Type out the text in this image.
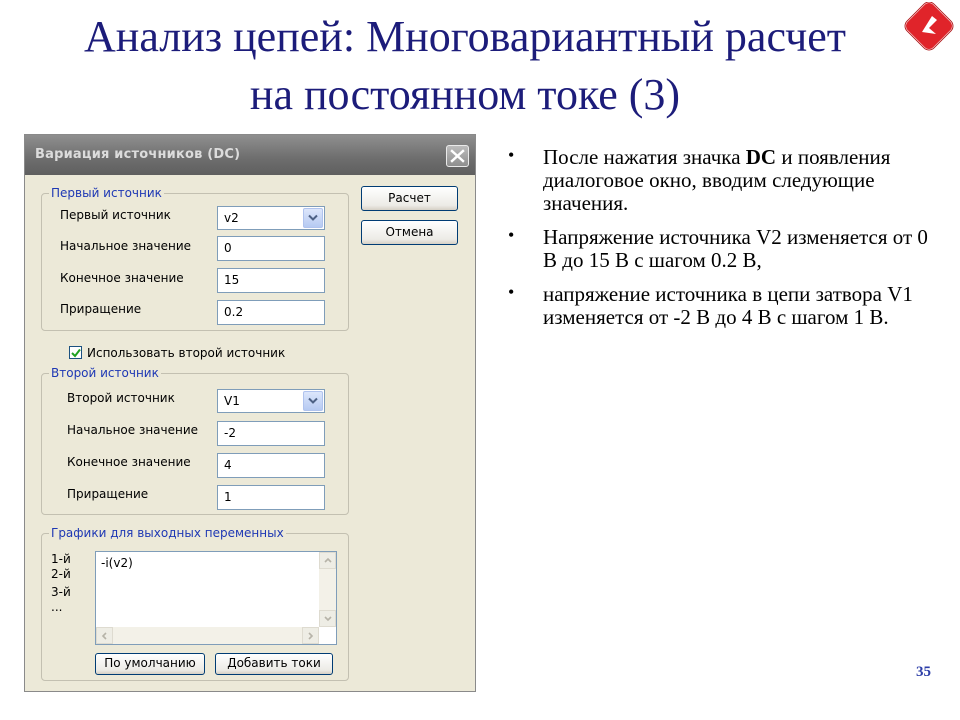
Анализ цепей: Многовариантный расчет
на постоянном токе (3)
Вариация источников (DC)
Первый источник
Первый источник	v2
Начальное значение	0
Конечное значение	15
Приращение	0.2
Расчет
Отмена
Использовать второй источник
Второй источник
Второй источник	V1
Начальное значение	-2
Конечное значение	4
Приращение	1
Графики для выходных переменных
1-й
2-й
3-й
...
-i(v2)
По умолчанию	Добавить токи
• После нажатия значка DC и появления диалоговое окно, вводим следующие значения.
• Напряжение источника V2 изменяется от 0 В до 15 В с шагом 0.2 В,
• напряжение источника в цепи затвора V1 изменяется от -2 В до 4 В с шагом 1 В.
35
